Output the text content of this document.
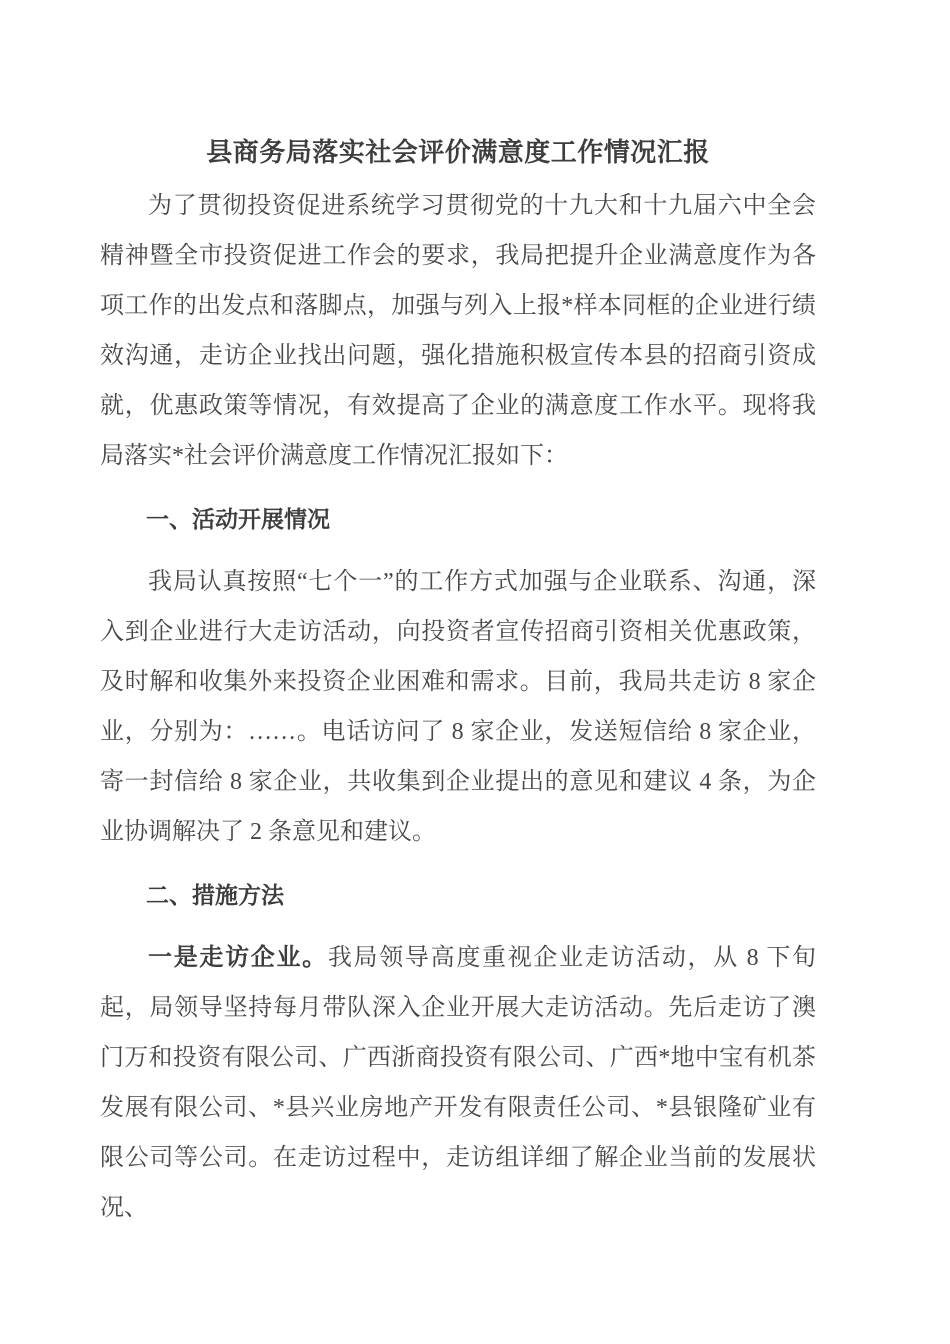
县商务局落实社会评价满意度工作情况汇报

为了贯彻投资促进系统学习贯彻党的十九大和十九届六中全会精神暨全市投资促进工作会的要求，我局把提升企业满意度作为各项工作的出发点和落脚点，加强与列入上报*样本同框的企业进行绩效沟通，走访企业找出问题，强化措施积极宣传本县的招商引资成就，优惠政策等情况，有效提高了企业的满意度工作水平。现将我局落实*社会评价满意度工作情况汇报如下：

一、活动开展情况

我局认真按照“七个一”的工作方式加强与企业联系、沟通，深入到企业进行大走访活动，向投资者宣传招商引资相关优惠政策，及时解和收集外来投资企业困难和需求。目前，我局共走访 8 家企业，分别为：……。电话访问了 8 家企业，发送短信给 8 家企业，寄一封信给 8 家企业，共收集到企业提出的意见和建议 4 条，为企业协调解决了 2 条意见和建议。

二、措施方法

一是走访企业。我局领导高度重视企业走访活动，从 8 下旬起，局领导坚持每月带队深入企业开展大走访活动。先后走访了澳门万和投资有限公司、广西浙商投资有限公司、广西*地中宝有机茶发展有限公司、*县兴业房地产开发有限责任公司、*县银隆矿业有限公司等公司。在走访过程中，走访组详细了解企业当前的发展状况、
